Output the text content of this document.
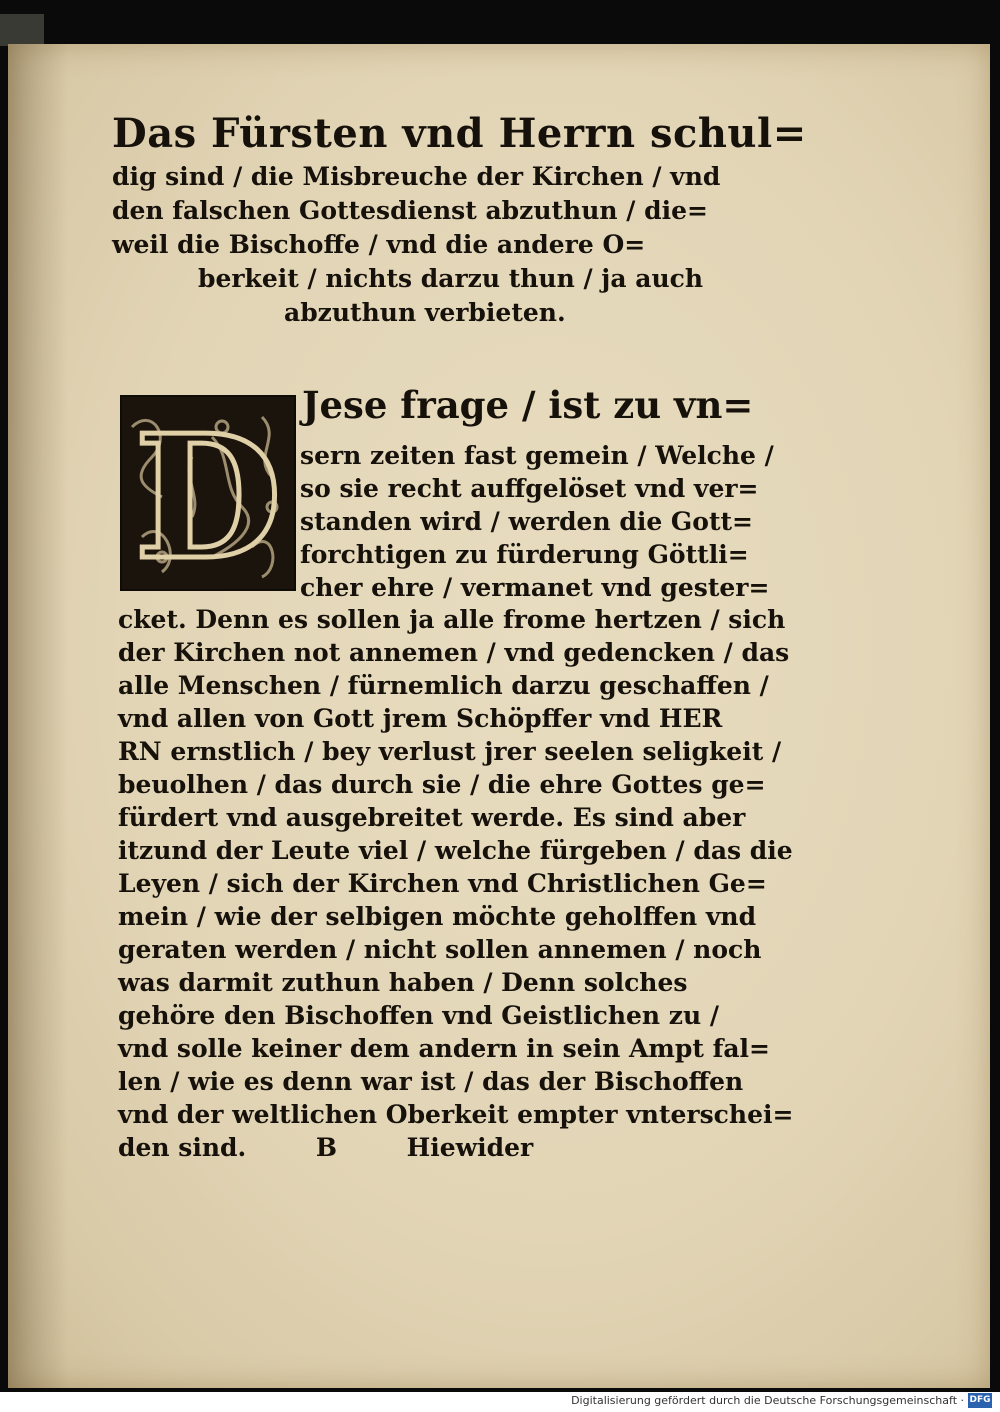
Das Fürsten vnd Herrn schul=
dig sind / die Misbreuche der Kirchen / vnd
den falschen Gottesdienst abzuthun / die=
weil die Bischoffe / vnd die andere O=
berkeit / nichts darzu thun / ja auch
abzuthun verbieten.
D Jese frage / ist zu vn=
sern zeiten fast gemein / Welche /
so sie recht auffgelöset vnd ver=
standen wird / werden die Gott=
forchtigen zu fürderung Göttli=
cher ehre / vermanet vnd gester=
cket. Denn es sollen ja alle frome hertzen / sich
der Kirchen not annemen / vnd gedencken / das
alle Menschen / fürnemlich darzu geschaffen /
vnd allen von Gott jrem Schöpffer vnd HER
RN ernstlich / bey verlust jrer seelen seligkeit /
beuolhen / das durch sie / die ehre Gottes ge=
fürdert vnd ausgebreitet werde. Es sind aber
itzund der Leute viel / welche fürgeben / das die
Leyen / sich der Kirchen vnd Christlichen Ge=
mein / wie der selbigen möchte geholffen vnd
geraten werden / nicht sollen annemen / noch
was darmit zuthun haben / Denn solches
gehöre den Bischoffen vnd Geistlichen zu /
vnd solle keiner dem andern in sein Ampt fal=
len / wie es denn war ist / das der Bischoffen
vnd der weltlichen Oberkeit empter vnterschei=
den sind.        B        Hiewider
Digitalisierung gefördert durch die Deutsche Forschungsgemeinschaft · DFG
